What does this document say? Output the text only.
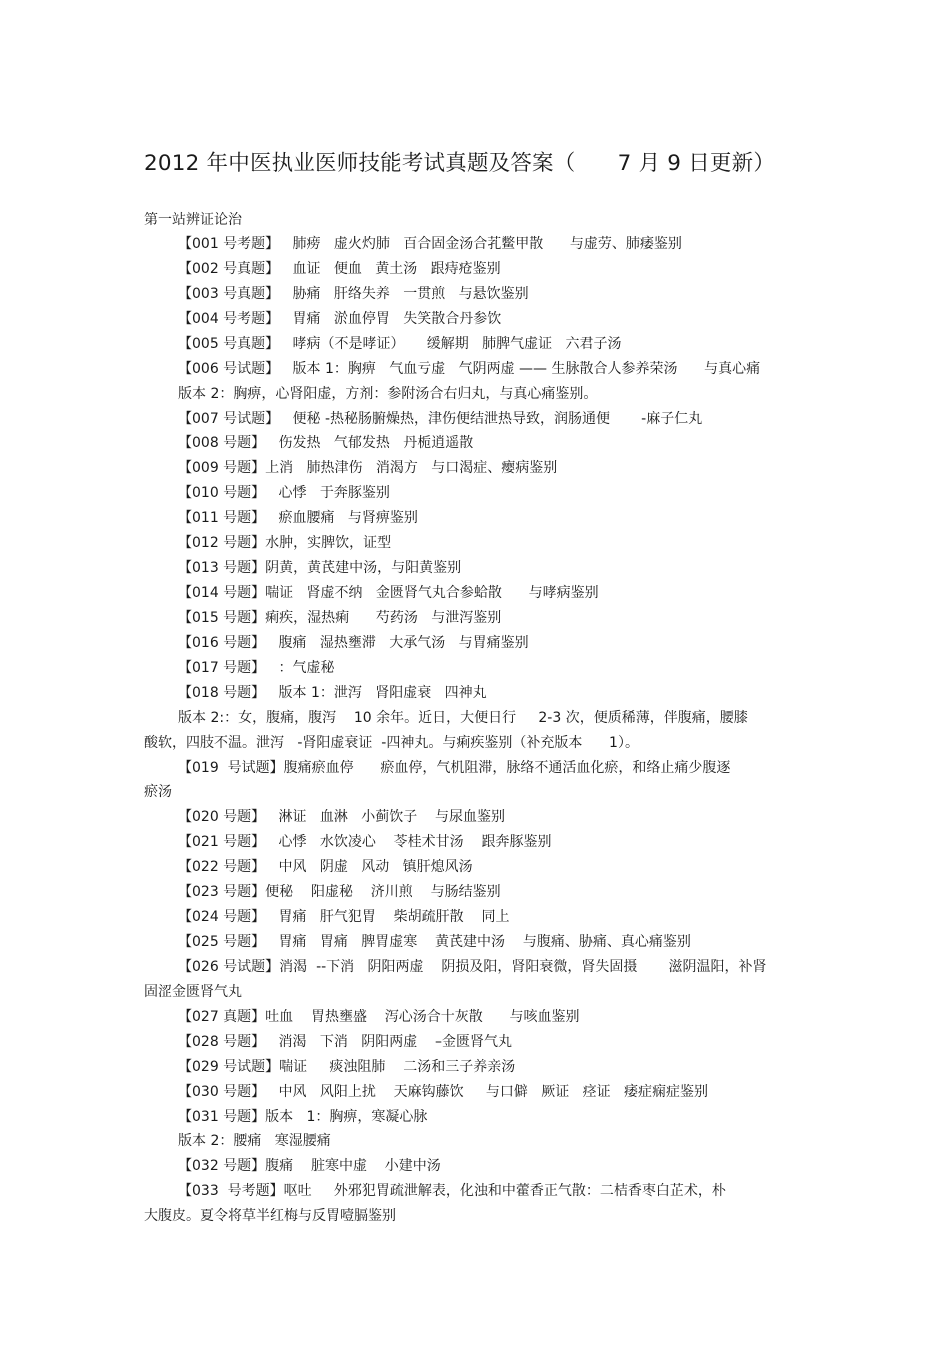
2012 年中医执业医师技能考试真题及答案（      7 月 9 日更新）
第一站辨证论治
【001 号考题】   肺痨   虚火灼肺   百合固金汤合芤鳖甲散      与虚劳、肺痿鉴别
【002 号真题】   血证   便血   黄土汤   跟痔疮鉴别
【003 号真题】   胁痛   肝络失养   一贯煎   与悬饮鉴别
【004 号考题】   胃痛   淤血停胃   失笑散合丹参饮
【005 号真题】   哮病（不是哮证）     缓解期   肺脾气虚证   六君子汤
【006 号试题】   版本 1：胸痹   气血亏虚   气阴两虚 —— 生脉散合人参养荣汤      与真心痛
版本 2：胸痹，心肾阳虚，方剂：参附汤合右归丸，与真心痛鉴别。
【007 号试题】   便秘 -热秘肠腑燥热，津伤便结泄热导致，润肠通便       -麻子仁丸
【008 号题】   伤发热   气郁发热   丹栀逍遥散
【009 号题】上消   肺热津伤   消渴方   与口渴症、瘿病鉴别
【010 号题】   心悸   于奔豚鉴别
【011 号题】   瘀血腰痛   与肾痹鉴别
【012 号题】水肿，实脾饮，证型
【013 号题】阴黄，黄芪建中汤，与阳黄鉴别
【014 号题】喘证   肾虚不纳   金匮肾气丸合参蛤散      与哮病鉴别
【015 号题】痢疾，湿热痢      芍药汤   与泄泻鉴别
【016 号题】   腹痛   湿热壅滞   大承气汤   与胃痛鉴别
【017 号题】   ：气虚秘
【018 号题】   版本 1：泄泻   肾阳虚衰   四神丸
版本 2:：女，腹痛，腹泻    10 余年。近日，大便日行     2-3 次，便质稀薄，伴腹痛，腰膝
酸软，四肢不温。泄泻   -肾阳虚衰证  -四神丸。与痢疾鉴别（补充版本      1）。
【019  号试题】腹痛瘀血停      瘀血停，气机阻滞，脉络不通活血化瘀，和络止痛少腹逐
瘀汤
【020 号题】   淋证   血淋   小蓟饮子    与尿血鉴别
【021 号题】   心悸   水饮凌心    苓桂术甘汤    跟奔豚鉴别
【022 号题】   中风   阴虚   风动   镇肝熄风汤
【023 号题】便秘    阳虚秘    济川煎    与肠结鉴别
【024 号题】   胃痛   肝气犯胃    柴胡疏肝散    同上
【025 号题】   胃痛   胃痛   脾胃虚寒    黄芪建中汤    与腹痛、胁痛、真心痛鉴别
【026 号试题】消渴  --下消   阴阳两虚    阴损及阳，肾阳衰微，肾失固摄       滋阴温阳，补肾
固涩金匮肾气丸
【027 真题】吐血    胃热壅盛    泻心汤合十灰散      与咳血鉴别
【028 号题】   消渴   下消   阴阳两虚    –金匮肾气丸
【029 号试题】喘证     痰浊阻肺    二汤和三子养亲汤
【030 号题】   中风   风阳上扰    天麻钩藤饮     与口僻   厥证   痉证   痿症痫症鉴别
【031 号题】版本   1：胸痹，寒凝心脉
版本 2：腰痛   寒湿腰痛
【032 号题】腹痛    脏寒中虚    小建中汤
【033  号考题】呕吐     外邪犯胃疏泄解表，化浊和中藿香正气散：二桔香枣白芷术，朴
大腹皮。夏令将草半红梅与反胃噎膈鉴别
